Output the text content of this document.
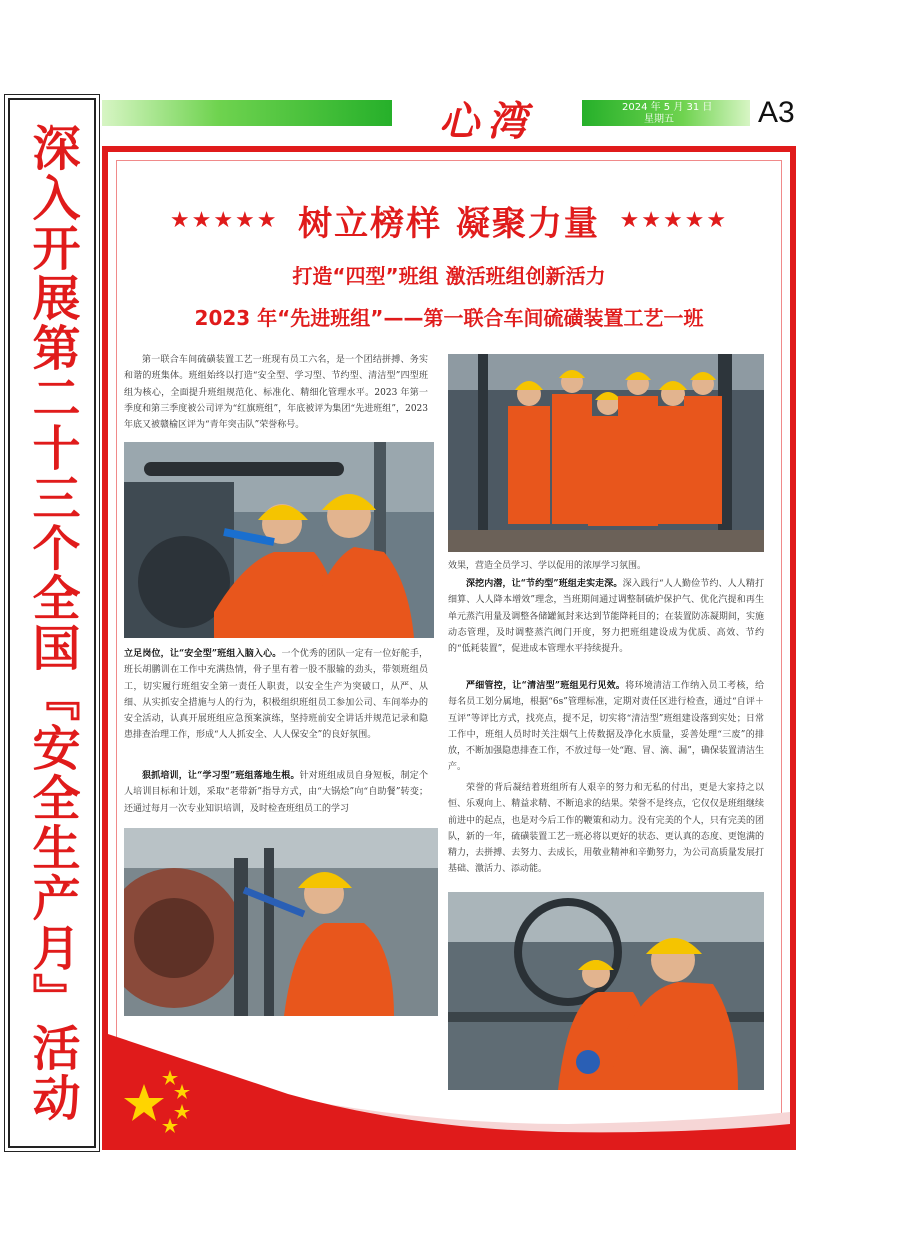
深入开展第二十三个全国『安全生产月』活动
心湾	2024 年 5 月 31 日
星期五	A3
★★★★★ 树立榜样 凝聚力量 ★★★★★
打造“四型”班组 激活班组创新活力
2023 年“先进班组”——第一联合车间硫磺装置工艺一班
第一联合车间硫磺装置工艺一班现有员工六名，是一个团结拼搏、务实和谐的班集体。班组始终以打造“安全型、学习型、节约型、清洁型”四型班组为核心，全面提升班组规范化、标准化、精细化管理水平。2023 年第一季度和第三季度被公司评为“红旗班组”，年底被评为集团“先进班组”，2023 年底又被赣榆区评为“青年突击队”荣誉称号。
立足岗位，让“安全型”班组入脑入心。一个优秀的团队一定有一位好舵手，班长胡鹏训在工作中充满热情，骨子里有着一股不服输的劲头，带领班组员工，切实履行班组安全第一责任人职责，以安全生产为突破口，从严、从细、从实抓安全措施与人的行为，积极组织班组员工参加公司、车间举办的安全活动，认真开展班组应急预案演练，坚持班前安全讲话并规范记录和隐患排查治理工作，形成“人人抓安全、人人保安全”的良好氛围。
狠抓培训，让“学习型”班组落地生根。针对班组成员自身短板，制定个人培训目标和计划，采取“老带新”指导方式，由“大锅烩”向“自助餐”转变；还通过每月一次专业知识培训，及时检查班组员工的学习
效果，营造全员学习、学以促用的浓厚学习氛围。
深挖内潜，让“节约型”班组走实走深。深入践行“人人勤俭节约、人人精打细算、人人降本增效”理念，当班期间通过调整制硫炉保护气、优化汽提和再生单元蒸汽用量及调整各储罐氮封来达到节能降耗目的；在装置防冻凝期间，实施动态管理，及时调整蒸汽阀门开度，努力把班组建设成为优质、高效、节约的“低耗装置”，促进成本管理水平持续提升。
严细管控，让“清洁型”班组见行见效。将环境清洁工作纳入员工考核，给每名员工划分属地，根据“6s”管理标准，定期对责任区进行检查，通过“自评＋互评”等评比方式，找亮点，提不足，切实将“清洁型”班组建设落到实处；日常工作中，班组人员时时关注烟气上传数据及净化水质量，妥善处理“三废”的排放，不断加强隐患排查工作，不放过每一处“跑、冒、滴、漏”，确保装置清洁生产。
荣誉的背后凝结着班组所有人艰辛的努力和无私的付出，更是大家持之以恒、乐观向上、精益求精、不断追求的结果。荣誉不是终点，它仅仅是班组继续前进中的起点，也是对今后工作的鞭策和动力。没有完美的个人，只有完美的团队，新的一年，硫磺装置工艺一班必将以更好的状态、更认真的态度、更饱满的精力，去拼搏、去努力、去成长，用敬业精神和辛勤努力，为公司高质量发展打基础、激活力、添动能。
